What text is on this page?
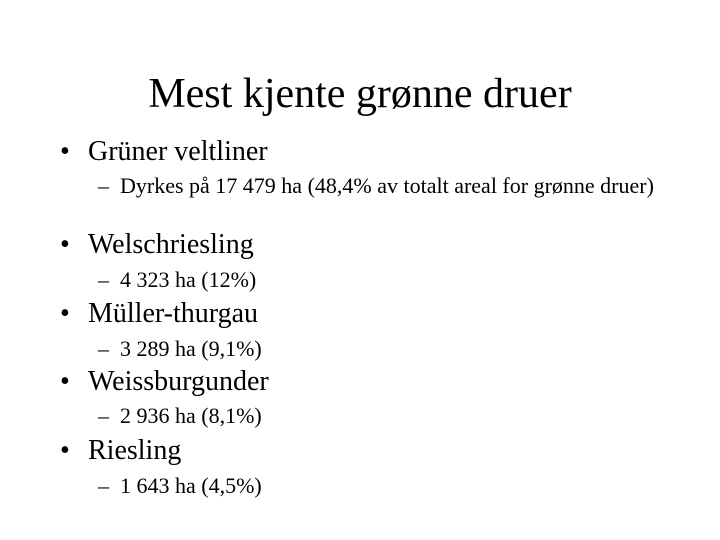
Mest kjente grønne druer
• Grüner veltliner
– Dyrkes på 17 479 ha (48,4% av totalt areal for grønne druer)
• Welschriesling
– 4 323 ha (12%)
• Müller-thurgau
– 3 289 ha (9,1%)
• Weissburgunder
– 2 936 ha (8,1%)
• Riesling
– 1 643 ha (4,5%)
